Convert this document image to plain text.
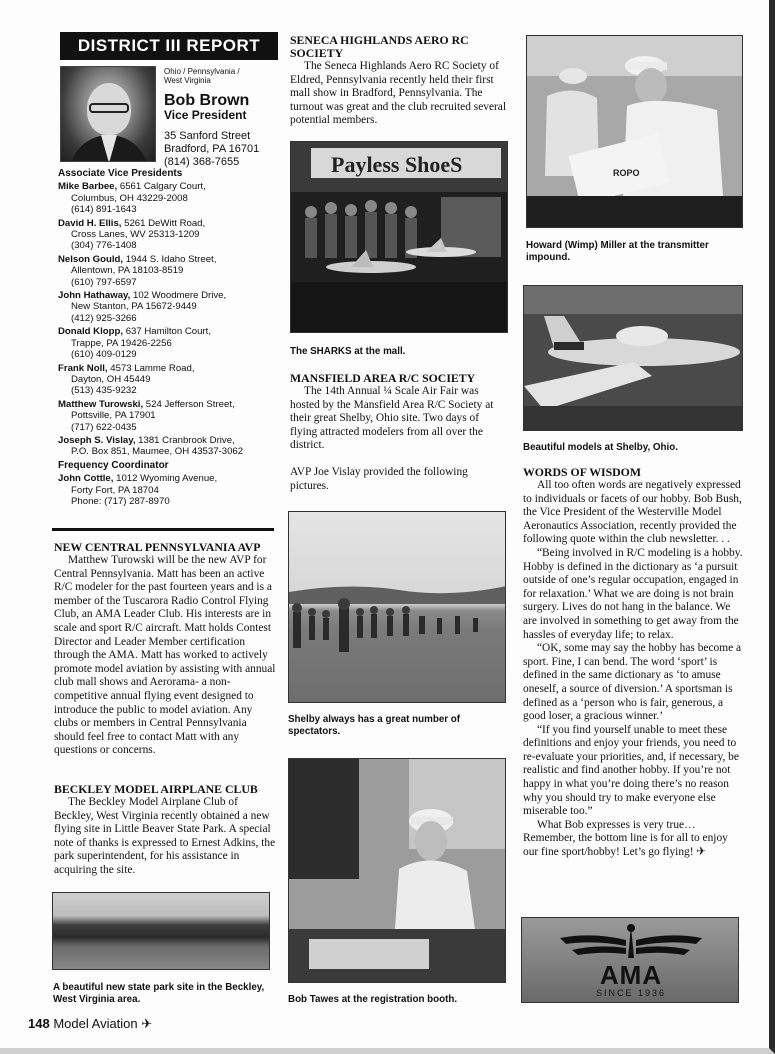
DISTRICT III REPORT
Ohio / Pennsylvania /
West Virginia
Bob Brown
Vice President
35 Sanford Street
Bradford, PA 16701
(814) 368-7655
Associate Vice Presidents
Mike Barbee, 6561 Calgary Court,
Columbus, OH 43229-2008
(614) 891-1643
David H. Ellis, 5261 DeWitt Road,
Cross Lanes, WV 25313-1209
(304) 776-1408
Nelson Gould, 1944 S. Idaho Street,
Allentown, PA 18103-8519
(610) 797-6597
John Hathaway, 102 Woodmere Drive,
New Stanton, PA 15672-9449
(412) 925-3266
Donald Klopp, 637 Hamilton Court,
Trappe, PA 19426-2256
(610) 409-0129
Frank Noll, 4573 Lamme Road,
Dayton, OH 45449
(513) 435-9232
Matthew Turowski, 524 Jefferson Street,
Pottsville, PA 17901
(717) 622-0435
Joseph S. Vislay, 1381 Cranbrook Drive,
P.O. Box 851, Maumee, OH 43537-3062
Frequency Coordinator
John Cottle, 1012 Wyoming Avenue,
Forty Fort, PA 18704
Phone: (717) 287-8970
NEW CENTRAL PENNSYLVANIA AVP

Matthew Turowski will be the new AVP for Central Pennsylvania. Matt has been an active R/C modeler for the past fourteen years and is a member of the Tuscarora Radio Control Flying Club, an AMA Leader Club. His interests are in scale and sport R/C aircraft. Matt holds Contest Director and Leader Member certification through the AMA. Matt has worked to actively promote model aviation by assisting with annual club mall shows and Aerorama- a non-competitive annual flying event designed to introduce the public to model aviation. Any clubs or members in Central Pennsylvania should feel free to contact Matt with any questions or concerns.

BECKLEY MODEL AIRPLANE CLUB

The Beckley Model Airplane Club of Beckley, West Virginia recently obtained a new flying site in Little Beaver State Park. A special note of thanks is expressed to Ernest Adkins, the park superintendent, for his assistance in acquiring the site.

A beautiful new state park site in the Beckley, West Virginia area.
SENECA HIGHLANDS AERO RC SOCIETY

The Seneca Highlands Aero RC Society of Eldred, Pennsylvania recently held their first mall show in Bradford, Pennsylvania. The turnout was great and the club recruited several potential members.

Payless ShoeS
The SHARKS at the mall.
MANSFIELD AREA R/C SOCIETY

The 14th Annual ¼ Scale Air Fair was hosted by the Mansfield Area R/C Society at their great Shelby, Ohio site. Two days of flying attracted modelers from all over the district.

AVP Joe Vislay provided the following pictures.

Shelby always has a great number of spectators.
Bob Tawes at the registration booth.
ROPO
Howard (Wimp) Miller at the transmitter impound.
Beautiful models at Shelby, Ohio.
WORDS OF WISDOM

All too often words are negatively expressed to individuals or facets of our hobby. Bob Bush, the Vice President of the Westerville Model Aeronautics Association, recently provided the following quote within the club newsletter. . .

“Being involved in R/C modeling is a hobby. Hobby is defined in the dictionary as ‘a pursuit outside of one’s regular occupation, engaged in for relaxation.’ What we are doing is not brain surgery. Lives do not hang in the balance. We are involved in something to get away from the hassles of everyday life; to relax.

“OK, some may say the hobby has become a sport. Fine, I can bend. The word ‘sport’ is defined in the same dictionary as ‘to amuse oneself, a source of diversion.’ A sportsman is defined as a ‘person who is fair, generous, a good loser, a gracious winner.’

“If you find yourself unable to meet these definitions and enjoy your friends, you need to re-evaluate your priorities, and, if necessary, be realistic and find another hobby. If you’re not happy in what you’re doing there’s no reason why you should try to make everyone else miserable too.”

What Bob expresses is very true… Remember, the bottom line is for all to enjoy our fine sport/hobby! Let’s go flying! ✈

AMA
SINCE 1936
148 Model Aviation ✈
